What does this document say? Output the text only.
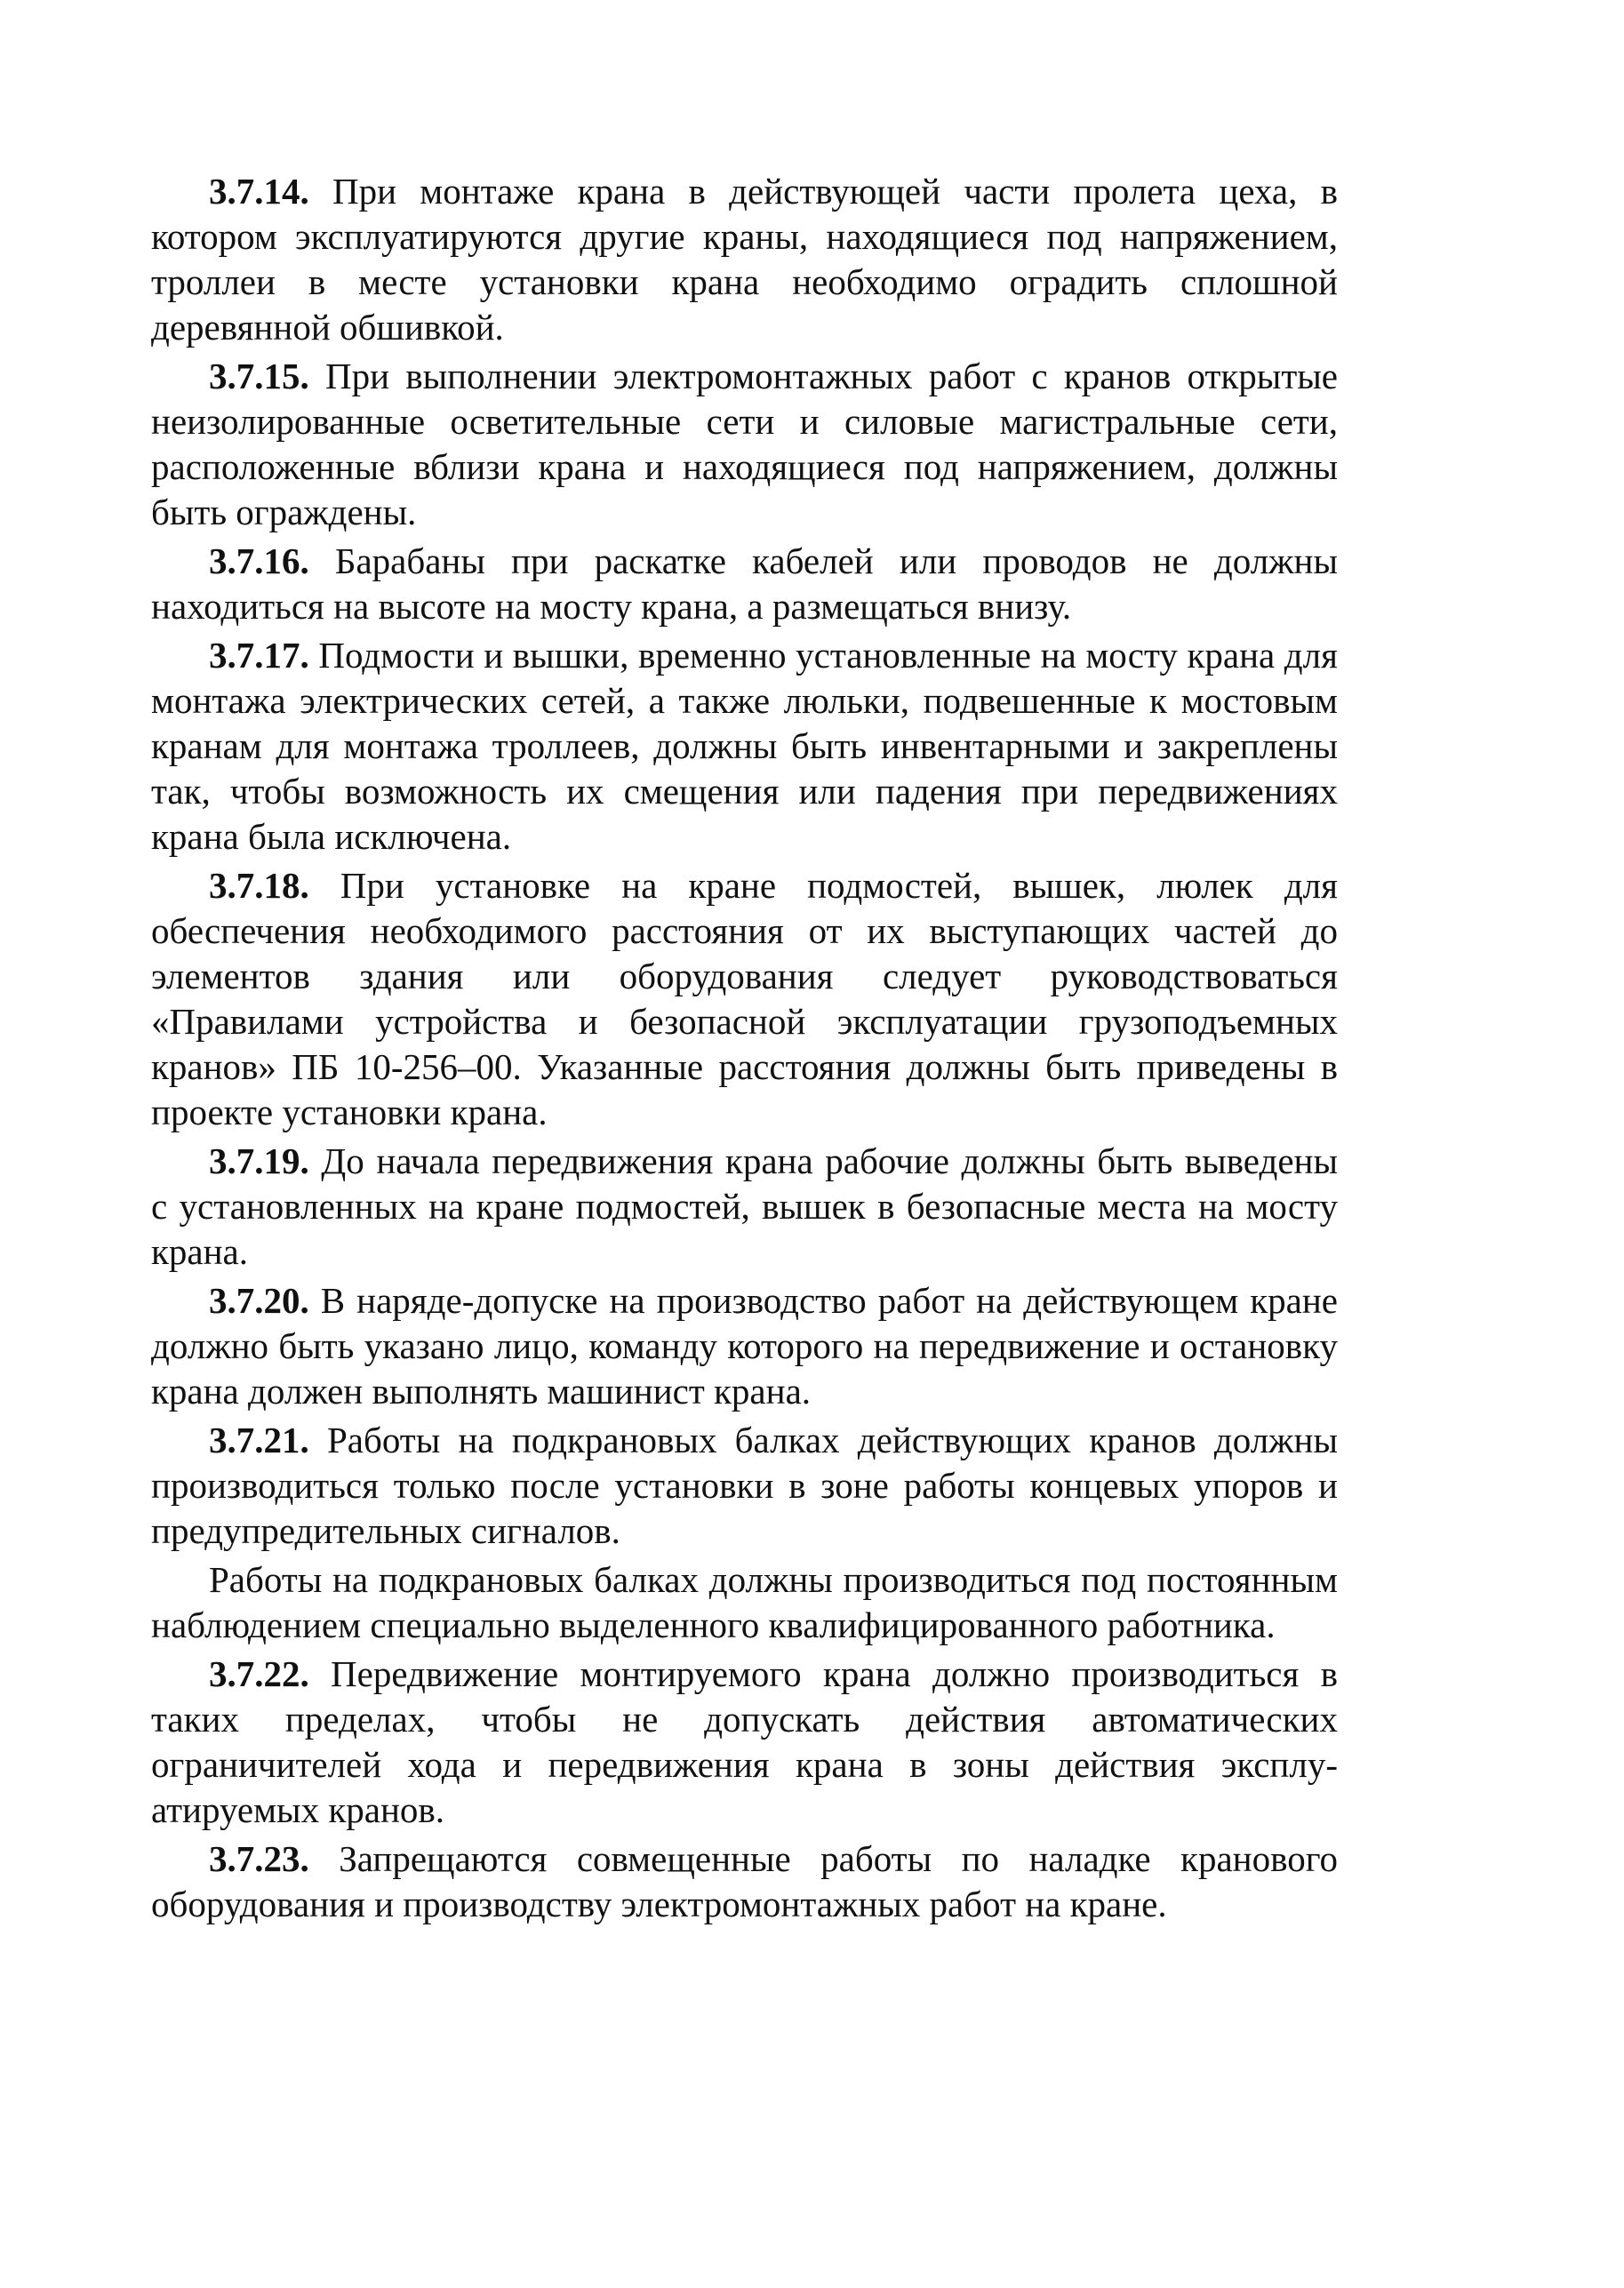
3.7.14. При монтаже крана в действующей части пролета цеха, в котором эксплуатируются другие краны, находящиеся под напряжением, троллеи в месте установки крана необходимо оградить сплошной деревянной обшивкой.

3.7.15. При выполнении электромонтажных работ с кранов открытые неизолированные осветительные сети и силовые магистральные сети, расположенные вблизи крана и находящиеся под напряжением, должны быть ограждены.

3.7.16. Барабаны при раскатке кабелей или проводов не должны находиться на высоте на мосту крана, а размещаться внизу.

3.7.17. Подмости и вышки, временно установленные на мосту крана для монтажа электрических сетей, а также люльки, подвешенные к мостовым кранам для монтажа троллеев, должны быть инвентарными и закреплены так, чтобы возможность их смещения или падения при передвижениях крана была исключена.

3.7.18. При установке на кране подмостей, вышек, люлек для обеспечения необходимого расстояния от их выступающих частей до элементов здания или оборудования следует руководствоваться «Правилами устройства и безопасной эксплуатации грузоподъемных кранов» ПБ 10-256–00. Указанные расстояния должны быть приведены в проекте установки крана.

3.7.19. До начала передвижения крана рабочие должны быть выведены с установленных на кране подмостей, вышек в безопасные места на мосту крана.

3.7.20. В наряде-допуске на производство работ на действующем кране должно быть указано лицо, команду которого на передвижение и остановку крана должен выполнять машинист крана.

3.7.21. Работы на подкрановых балках действующих кранов должны производиться только после установки в зоне работы концевых упоров и предупредительных сигналов.

Работы на подкрановых балках должны производиться под постоянным наблюдением специально выделенного квалифицированного работника.

3.7.22. Передвижение монтируемого крана должно производиться в таких пределах, чтобы не допускать действия автоматических ограничителей хода и передвижения крана в зоны действия эксплуатируемых кранов.

3.7.23. Запрещаются совмещенные работы по наладке кранового оборудования и производству электромонтажных работ на кране.
